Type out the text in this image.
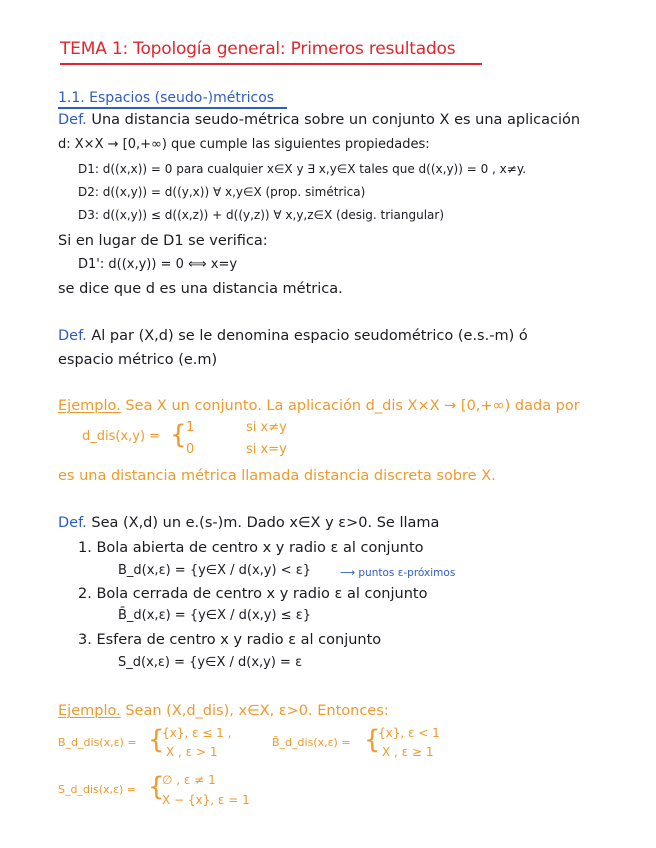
TEMA 1: Topología general: Primeros resultados
1.1. Espacios (seudo-)métricos
Def. Una distancia seudo-métrica sobre un conjunto X es una aplicación
d: X×X → [0,+∞) que cumple las siguientes propiedades:
D1: d((x,x)) = 0 para cualquier x∈X y ∃ x,y∈X tales que d((x,y)) = 0 , x≠y.
D2: d((x,y)) = d((y,x)) ∀ x,y∈X (prop. simétrica)
D3: d((x,y)) ≤ d((x,z)) + d((y,z)) ∀ x,y,z∈X (desig. triangular)
Si en lugar de D1 se verifica:
D1': d((x,y)) = 0 ⟺ x=y
se dice que d es una distancia métrica.
Def. Al par (X,d) se le denomina espacio seudométrico (e.s.-m) ó
espacio métrico (e.m)
Ejemplo. Sea X un conjunto. La aplicación d_dis X×X → [0,+∞) dada por
d_dis(x,y) = { 1	si x≠y
0	si x=y
es una distancia métrica llamada distancia discreta sobre X.
Def. Sea (X,d) un e.(s-)m. Dado x∈X y ε>0. Se llama
1. Bola abierta de centro x y radio ε al conjunto
B_d(x,ε) = {y∈X / d(x,y) < ε}	⟶ puntos ε-próximos
2. Bola cerrada de centro x y radio ε al conjunto
B̄_d(x,ε) = {y∈X / d(x,y) ≤ ε}
3. Esfera de centro x y radio ε al conjunto
S_d(x,ε) = {y∈X / d(x,y) = ε
Ejemplo. Sean (X,d_dis), x∈X, ε>0. Entonces:
B_d_dis(x,ε) = {
{x}, ε ≤ 1 ,
X , ε > 1
B̄_d_dis(x,ε) = {
{x}, ε < 1
X , ε ≥ 1
S_d_dis(x,ε) = {
∅ , ε ≠ 1
X − {x}, ε = 1
